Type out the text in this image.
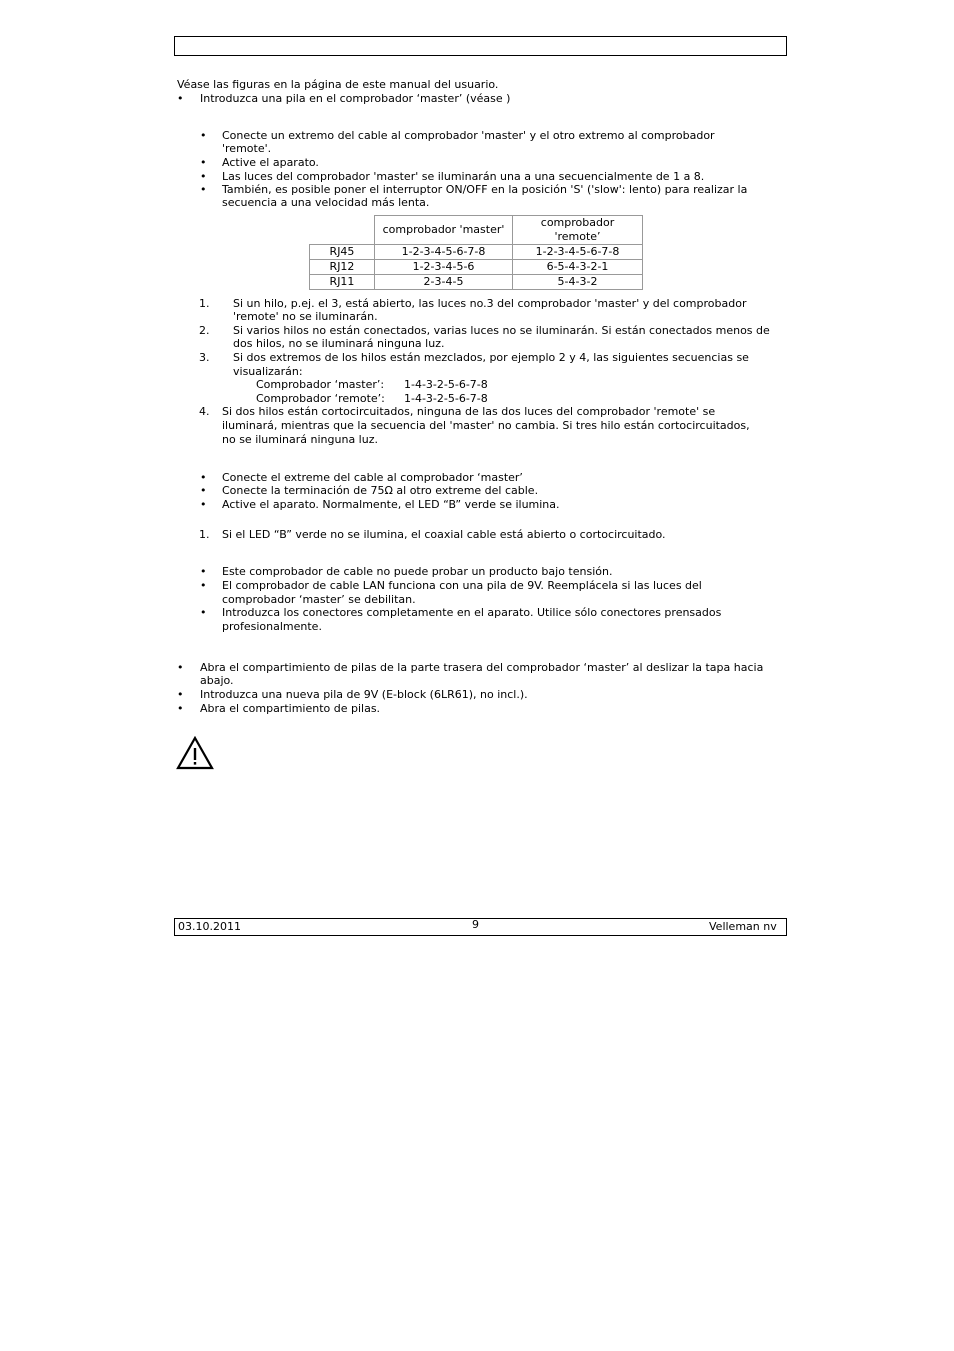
Véase las figuras en la página de este manual del usuario.
• Introduzca una pila en el comprobador ‘master’ (véase )
• Conecte un extremo del cable al comprobador 'master' y el otro extremo al comprobador
'remote'.
• Active el aparato.
• Las luces del comprobador 'master' se iluminarán una a una secuencialmente de 1 a 8.
• También, es posible poner el interruptor ON/OFF en la posición 'S' ('slow': lento) para realizar la
secuencia a una velocidad más lenta.
	comprobador 'master'	comprobador 'remote’
RJ45	1-2-3-4-5-6-7-8	1-2-3-4-5-6-7-8
RJ12	1-2-3-4-5-6	6-5-4-3-2-1
RJ11	2-3-4-5	5-4-3-2
1. Si un hilo, p.ej. el 3, está abierto, las luces no.3 del comprobador 'master' y del comprobador
'remote' no se iluminarán.
2. Si varios hilos no están conectados, varias luces no se iluminarán. Si están conectados menos de
dos hilos, no se iluminará ninguna luz.
3. Si dos extremos de los hilos están mezclados, por ejemplo 2 y 4, las siguientes secuencias se
visualizarán:
Comprobador ‘master’: 1-4-3-2-5-6-7-8
Comprobador ‘remote’: 1-4-3-2-5-6-7-8
4. Si dos hilos están cortocircuitados, ninguna de las dos luces del comprobador 'remote' se
iluminará, mientras que la secuencia del 'master' no cambia. Si tres hilo están cortocircuitados,
no se iluminará ninguna luz.
• Conecte el extreme del cable al comprobador ‘master’
• Conecte la terminación de 75Ω al otro extreme del cable.
• Active el aparato. Normalmente, el LED “B” verde se ilumina.
1. Si el LED “B” verde no se ilumina, el coaxial cable está abierto o cortocircuitado.
• Este comprobador de cable no puede probar un producto bajo tensión.
• El comprobador de cable LAN funciona con una pila de 9V. Reemplácela si las luces del
comprobador ‘master’ se debilitan.
• Introduzca los conectores completamente en el aparato. Utilice sólo conectores prensados
profesionalmente.
• Abra el compartimiento de pilas de la parte trasera del comprobador ‘master’ al deslizar la tapa hacia
abajo.
• Introduzca una nueva pila de 9V (E-block (6LR61), no incl.).
• Abra el compartimiento de pilas.
03.10.2011	9	Velleman nv
